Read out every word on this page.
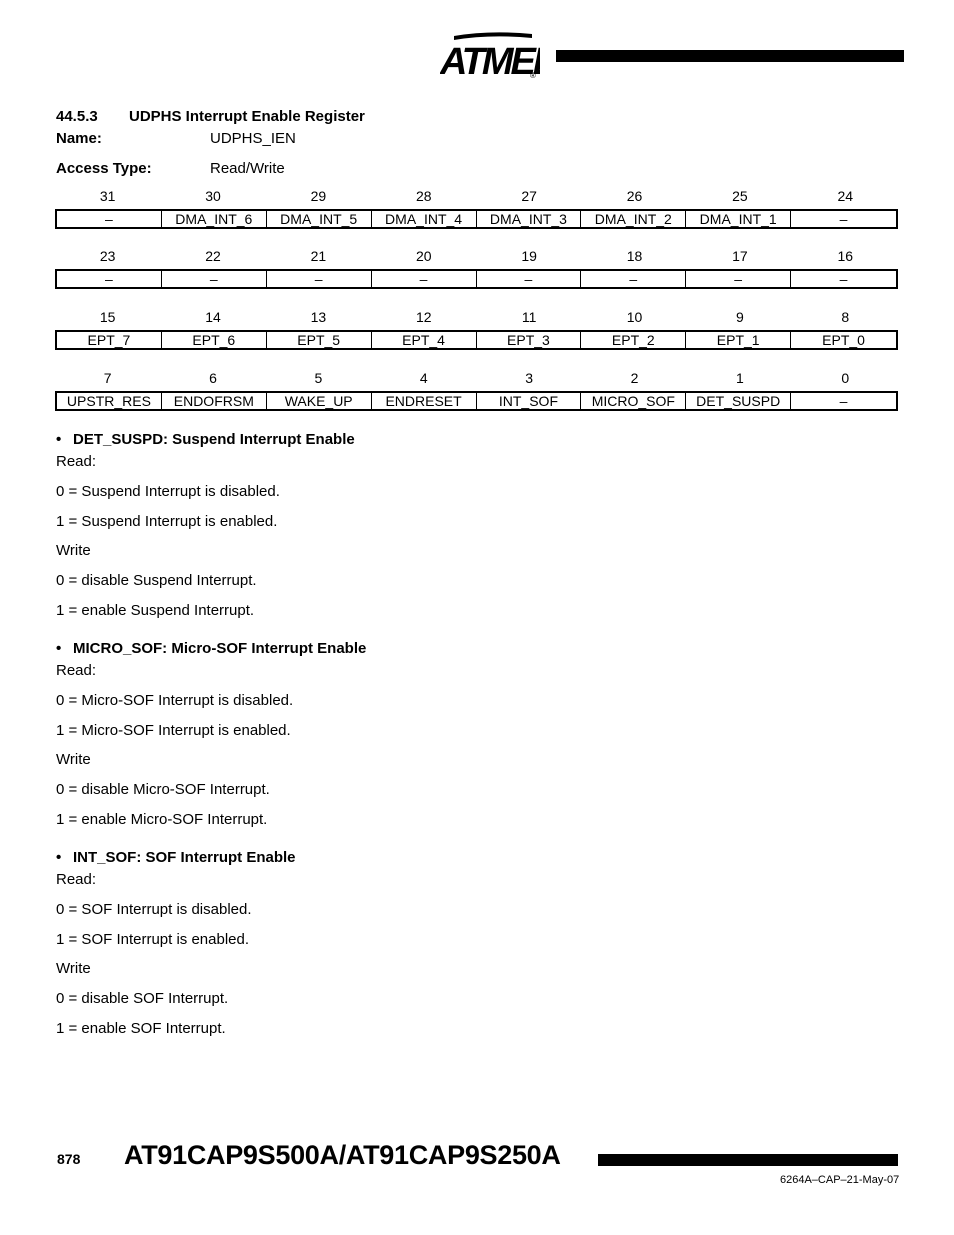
ATME
®
44.5.3 UDPHS Interrupt Enable Register
Name:	UDPHS_IEN
Access Type:	Read/Write
31	30	29	28	27	26	25	24
–	DMA_INT_6	DMA_INT_5	DMA_INT_4	DMA_INT_3	DMA_INT_2	DMA_INT_1	–
23	22	21	20	19	18	17	16
–	–	–	–	–	–	–	–
15	14	13	12	11	10	9	8
EPT_7	EPT_6	EPT_5	EPT_4	EPT_3	EPT_2	EPT_1	EPT_0
7	6	5	4	3	2	1	0
UPSTR_RES	ENDOFRSM	WAKE_UP	ENDRESET	INT_SOF	MICRO_SOF	DET_SUSPD	–
• DET_SUSPD: Suspend Interrupt Enable
Read:
0 = Suspend Interrupt is disabled.
1 = Suspend Interrupt is enabled.
Write
0 = disable Suspend Interrupt.
1 = enable Suspend Interrupt.
• MICRO_SOF: Micro-SOF Interrupt Enable
Read:
0 = Micro-SOF Interrupt is disabled.
1 = Micro-SOF Interrupt is enabled.
Write
0 = disable Micro-SOF Interrupt.
1 = enable Micro-SOF Interrupt.
• INT_SOF: SOF Interrupt Enable
Read:
0 = SOF Interrupt is disabled.
1 = SOF Interrupt is enabled.
Write
0 = disable SOF Interrupt.
1 = enable SOF Interrupt.
878 AT91CAP9S500A/AT91CAP9S250A
6264A–CAP–21-May-07
